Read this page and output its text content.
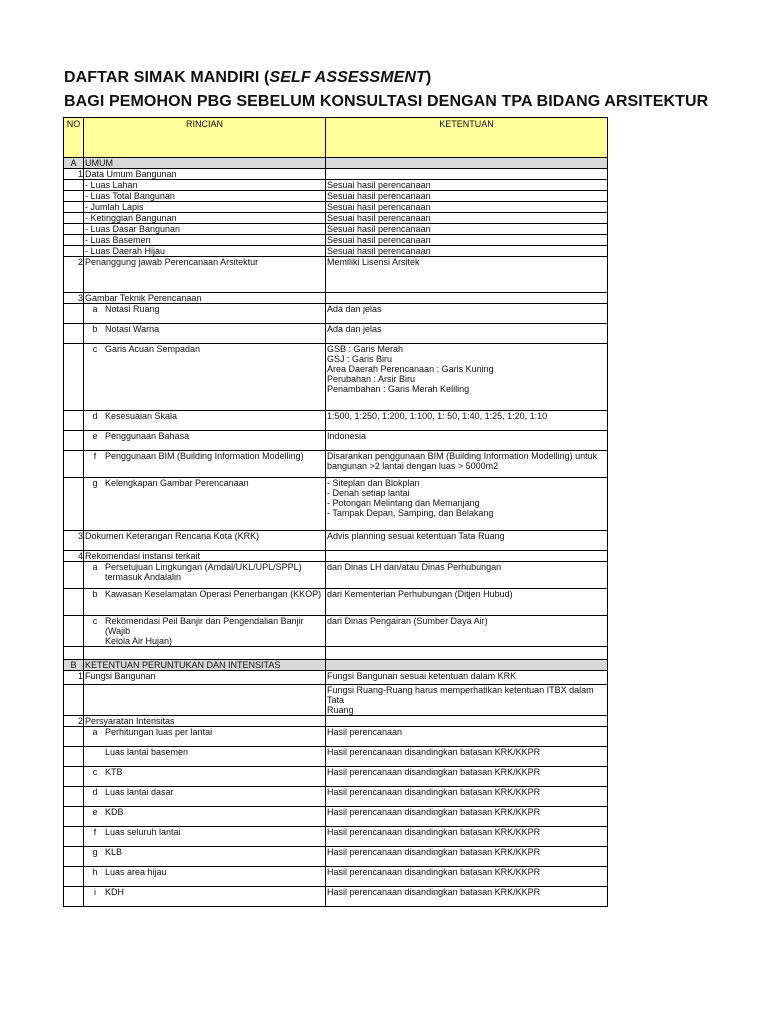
DAFTAR SIMAK MANDIRI (SELF ASSESSMENT)
BAGI PEMOHON PBG SEBELUM KONSULTASI DENGAN TPA BIDANG ARSITEKTUR
NO	RINCIAN	KETENTUAN
A	UMUM	
1	Data Umum Bangunan	
	- Luas Lahan	Sesuai hasil perencanaan
	- Luas Total Bangunan	Sesuai hasil perencanaan
	- Jumlah Lapis	Sesuai hasil perencanaan
	- Ketinggian Bangunan	Sesuai hasil perencanaan
	- Luas Dasar Bangunan	Sesuai hasil perencanaan
	- Luas Basemen	Sesuai hasil perencanaan
	- Luas Daerah Hijau	Sesuai hasil perencanaan
2	Penanggung jawab Perencanaan Arsitektur	Memiliki Lisensi Arsitek
3	Gambar Teknik Perencanaan	

	a Notasi Ruang	Ada dan jelas

	b Notasi Warna	Ada dan jelas

	c Garis Acuan Sempadan	GSB : Garis Merah
GSJ : Garis Biru
Area Daerah Perencanaan : Garis Kuning
Perubahan : Arsir Biru
Penambahan : Garis Merah Keliling

	d Kesesuaian Skala	1:500, 1:250, 1:200, 1:100, 1: 50, 1:40, 1:25, 1:20, 1:10

	e Penggunaan Bahasa	Indonesia

	f Penggunaan BIM (Building Information Modelling)	Disarankan penggunaan BIM (Building Information Modelling) untuk
bangunan >2 lantai dengan luas > 5000m2

	g Kelengkapan Gambar Perencanaan	- Siteplan dan Blokplan
- Denah setiap lantai
- Potongan Melintang dan Memanjang
- Tampak Depan, Samping, dan Belakang
3	Dokumen Keterangan Rencana Kota (KRK)	Advis planning sesuai ketentuan Tata Ruang
4	Rekomendasi instansi terkait	

	a Persetujuan Lingkungan (Amdal/UKL/UPL/SPPL)
termasuk Andalalin	dari Dinas LH dan/atau Dinas Perhubungan

	b Kawasan Keselamatan Operasi Penerbangan (KKOP)	dari Kementerian Perhubungan (Ditjen Hubud)

	c Rekomendasi Peil Banjir dan Pengendalian Banjir (Wajib
Kelola Air Hujan)	dari Dinas Pengairan (Sumber Daya Air)

B	KETENTUAN PERUNTUKAN DAN INTENSITAS	
1	Fungsi Bangunan	Fungsi Bangunan sesuai ketentuan dalam KRK
		Fungsi Ruang-Ruang harus memperhatikan ketentuan ITBX dalam Tata
Ruang
2	Persyaratan Intensitas	

	a Perhitungan luas per lantai	Hasil perencanaan

	Luas lantai basemen	Hasil perencanaan disandingkan batasan KRK/KKPR

	c KTB	Hasil perencanaan disandingkan batasan KRK/KKPR

	d Luas lantai dasar	Hasil perencanaan disandingkan batasan KRK/KKPR

	e KDB	Hasil perencanaan disandingkan batasan KRK/KKPR

	f Luas seluruh lantai	Hasil perencanaan disandingkan batasan KRK/KKPR

	g KLB	Hasil perencanaan disandingkan batasan KRK/KKPR

	h Luas area hijau	Hasil perencanaan disandingkan batasan KRK/KKPR

	i KDH	Hasil perencanaan disandingkan batasan KRK/KKPR
